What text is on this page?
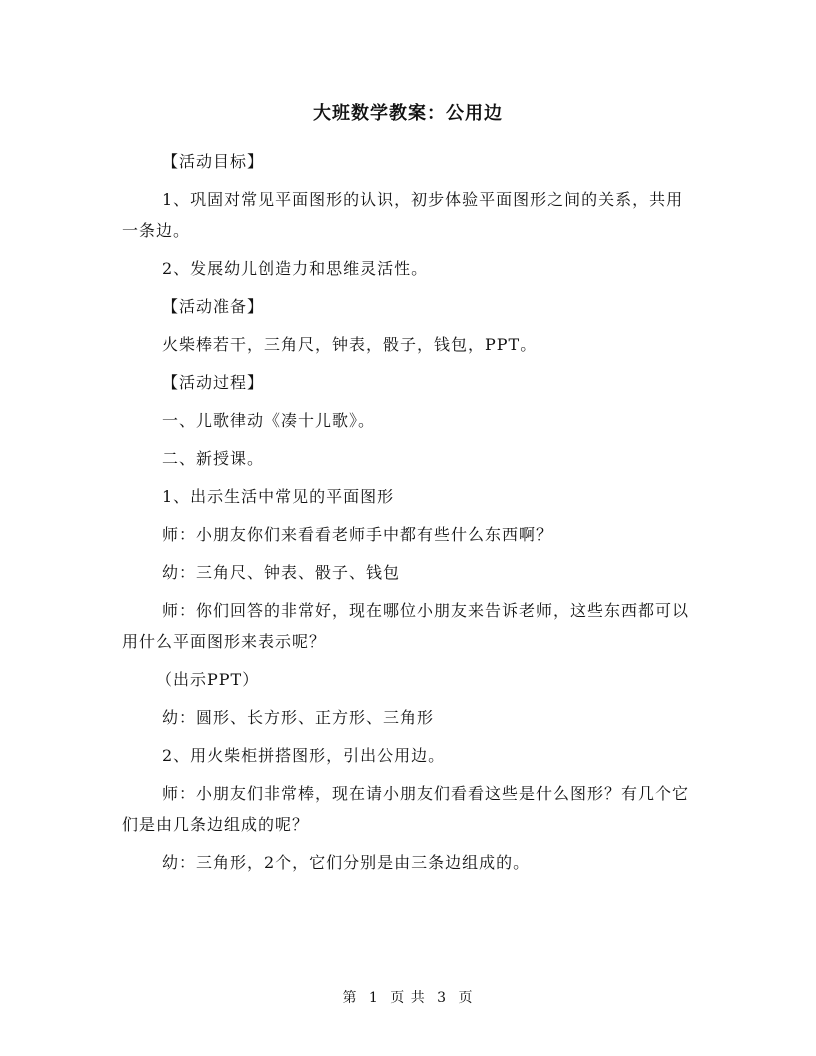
大班数学教案：公用边

【活动目标】

1、巩固对常见平面图形的认识，初步体验平面图形之间的关系，共用一条边。

2、发展幼儿创造力和思维灵活性。

【活动准备】

火柴棒若干，三角尺，钟表，骰子，钱包，PPT。

【活动过程】

一、儿歌律动《凑十儿歌》。

二、新授课。

1、出示生活中常见的平面图形

师：小朋友你们来看看老师手中都有些什么东西啊？

幼：三角尺、钟表、骰子、钱包

师：你们回答的非常好，现在哪位小朋友来告诉老师，这些东西都可以用什么平面图形来表示呢？

（出示PPT）

幼：圆形、长方形、正方形、三角形

2、用火柴柜拼搭图形，引出公用边。

师：小朋友们非常棒，现在请小朋友们看看这些是什么图形？有几个它们是由几条边组成的呢？

幼：三角形，2个，它们分别是由三条边组成的。

第 1 页 共 3 页
